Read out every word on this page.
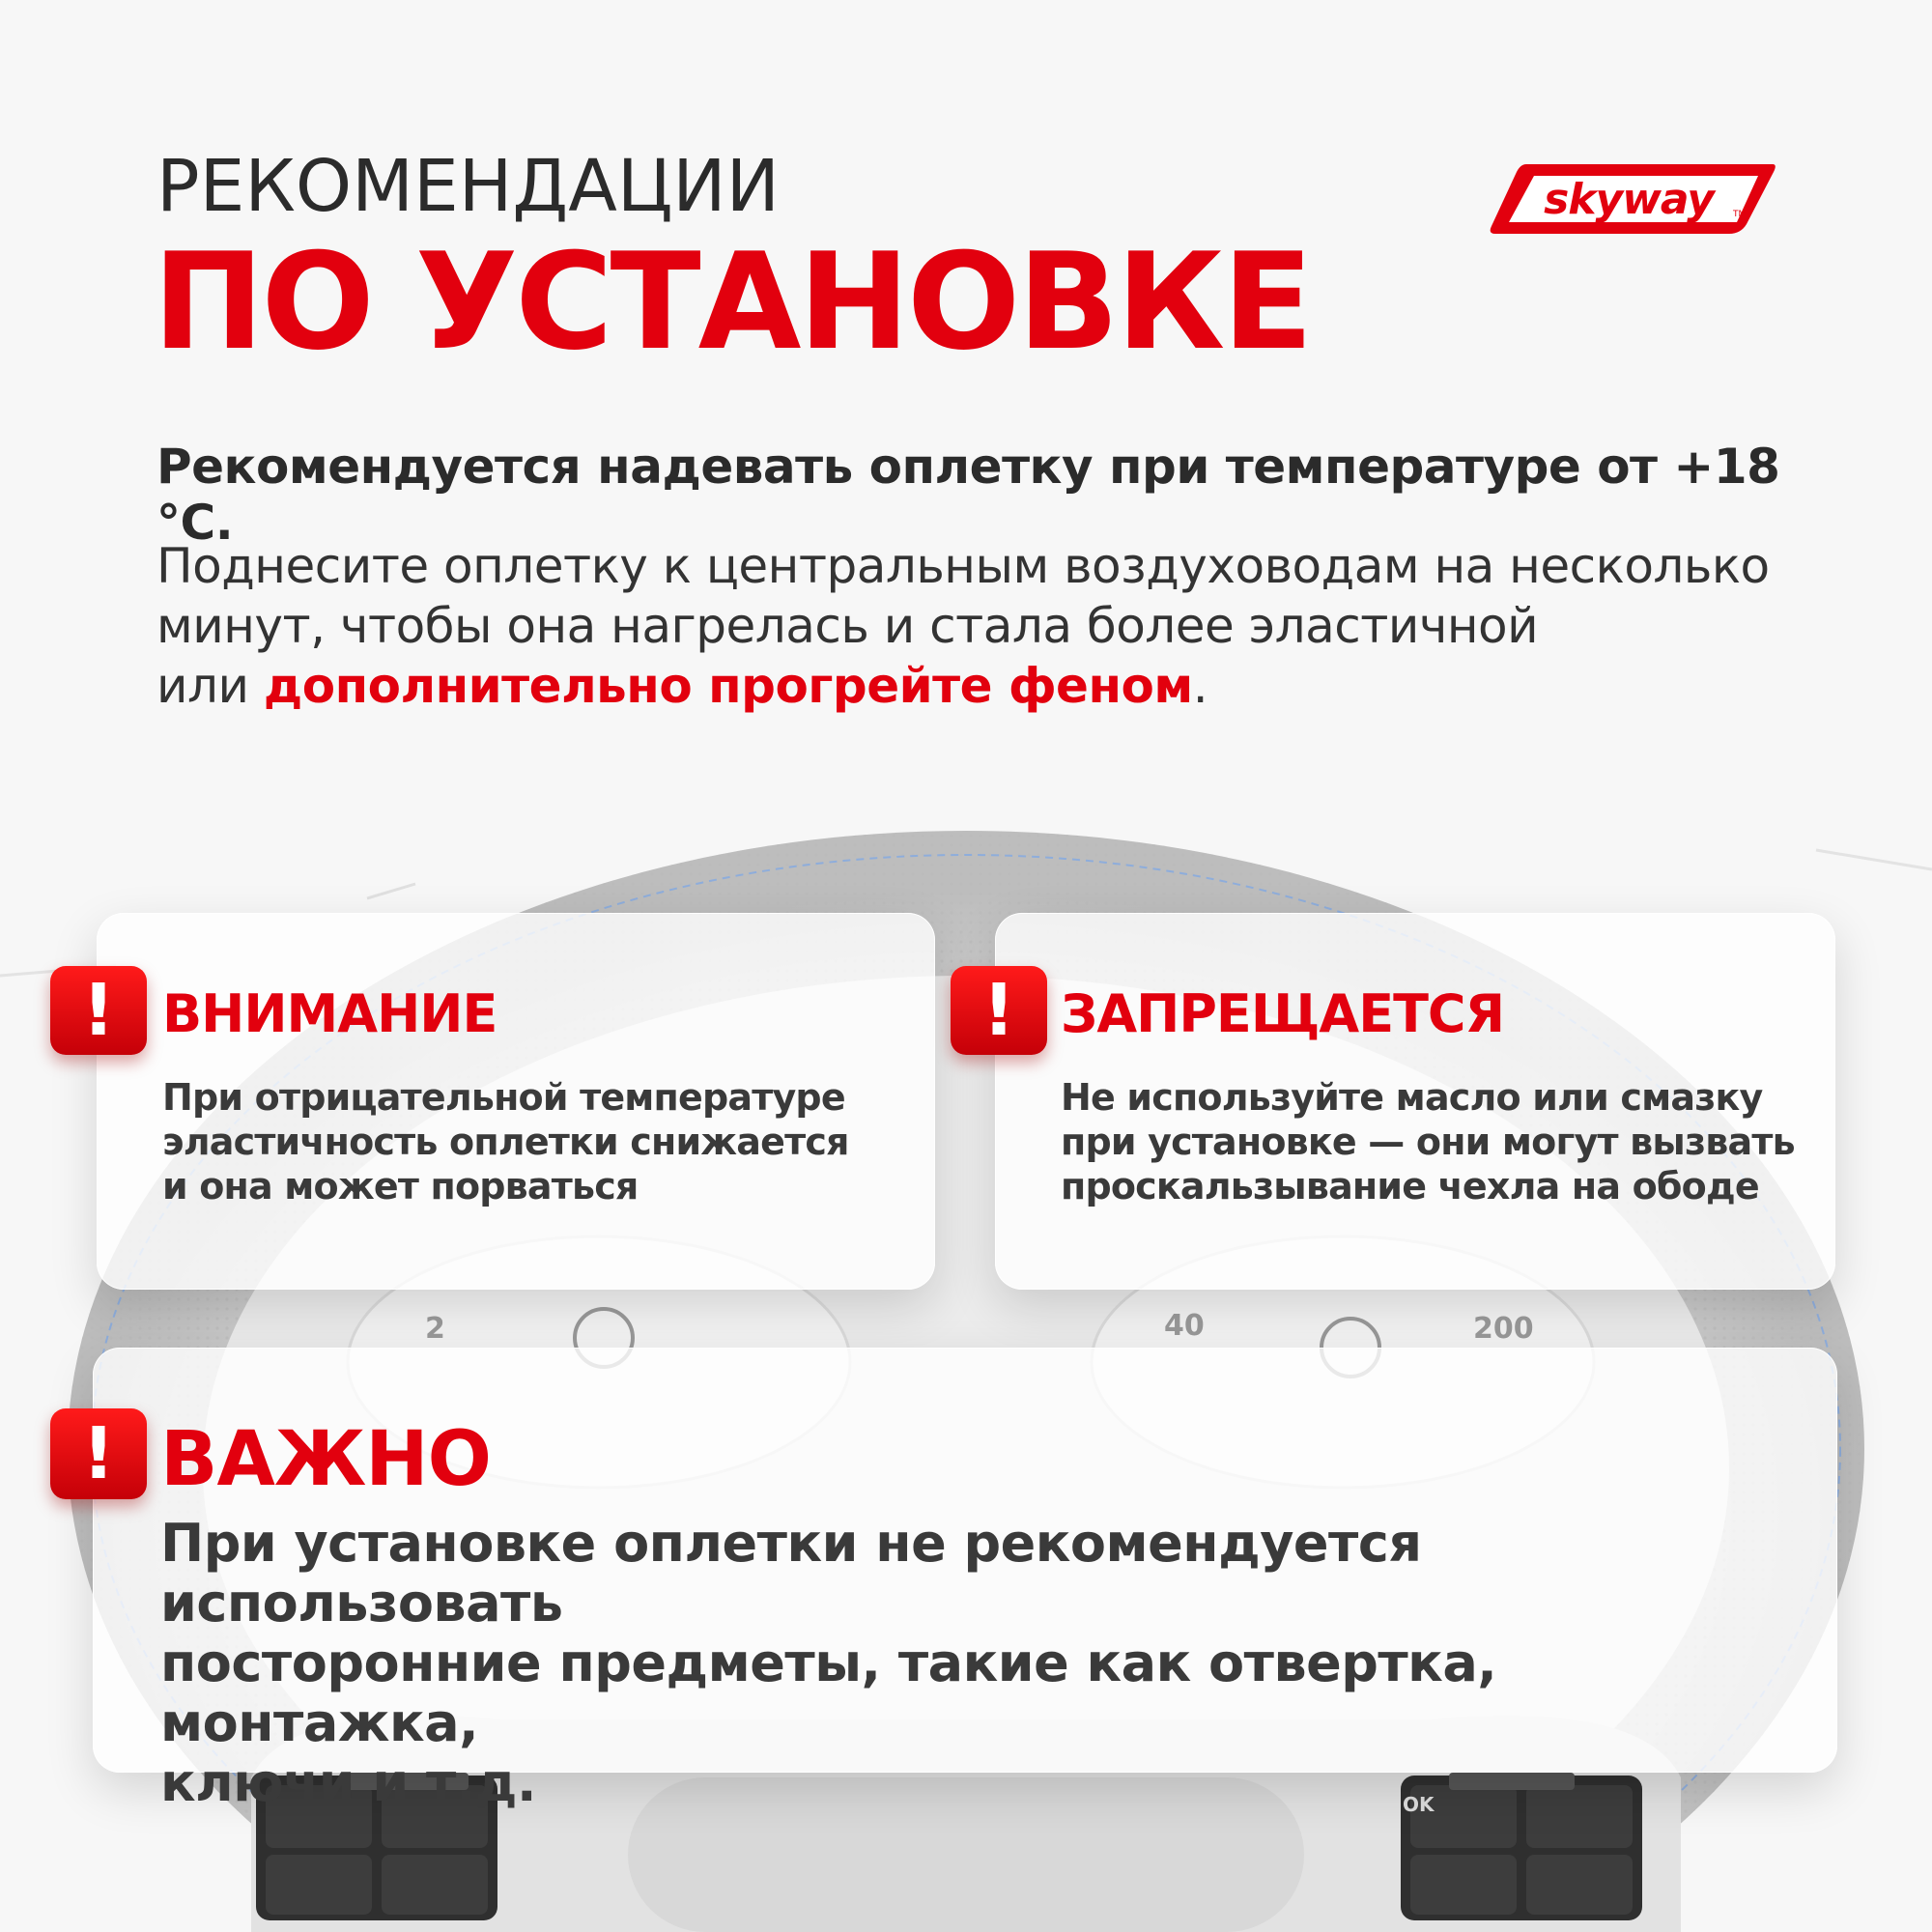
2	40	200
OK
РЕКОМЕНДАЦИИ
ПО УСТАНОВКЕ
skyway	TM
Рекомендуется надевать оплетку при температуре от +18 °C.
Поднесите оплетку к центральным воздуховодам на несколько
минут, чтобы она нагрелась и стала более эластичной
или дополнительно прогрейте феном.
!	!
!
ВНИМАНИЕ	ЗАПРЕЩАЕТСЯ
ВАЖНО
При отрицательной температуре
эластичность оплетки снижается
и она может порваться
Не используйте масло или смазку
при установке — они могут вызвать
проскальзывание чехла на ободе
При установке оплетки не рекомендуется использовать
посторонние предметы, такие как отвертка, монтажка,
ключи и т.д.
